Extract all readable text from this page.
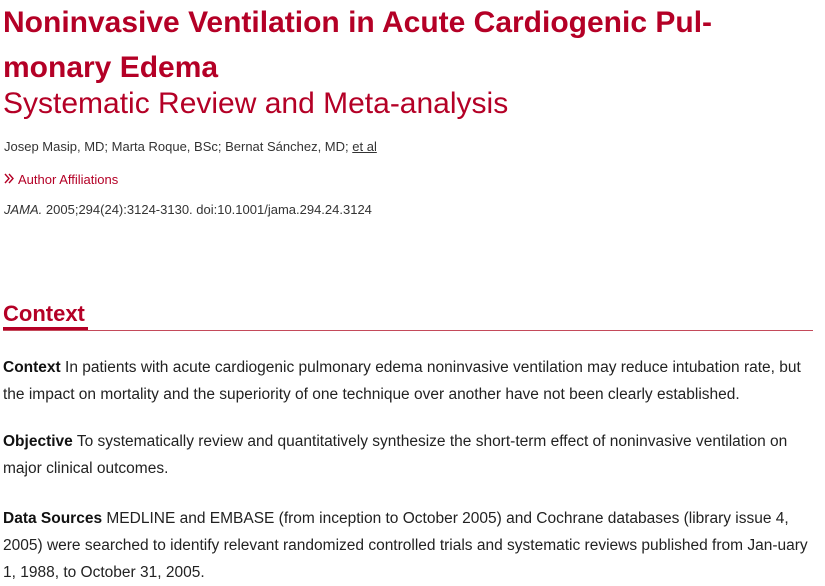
Noninvasive Ventilation in Acute Cardiogenic Pul-
monary Edema
Systematic Review and Meta-analysis
Josep Masip, MD; Marta Roque, BSc; Bernat Sánchez, MD; et al
Author Affiliations
JAMA. 2005;294(24):3124-3130. doi:10.1001/jama.294.24.3124
Context

Context In patients with acute cardiogenic pulmonary edema noninvasive ventilation may reduce intubation rate, but the impact on mortality and the superiority of one technique over another have not been clearly established.

Objective To systematically review and quantitatively synthesize the short-term effect of noninvasive ventilation on major clinical outcomes.

Data Sources MEDLINE and EMBASE (from inception to October 2005) and Cochrane databases (library issue 4, 2005) were searched to identify relevant randomized controlled trials and systematic reviews published from Jan-uary 1, 1988, to October 31, 2005.
